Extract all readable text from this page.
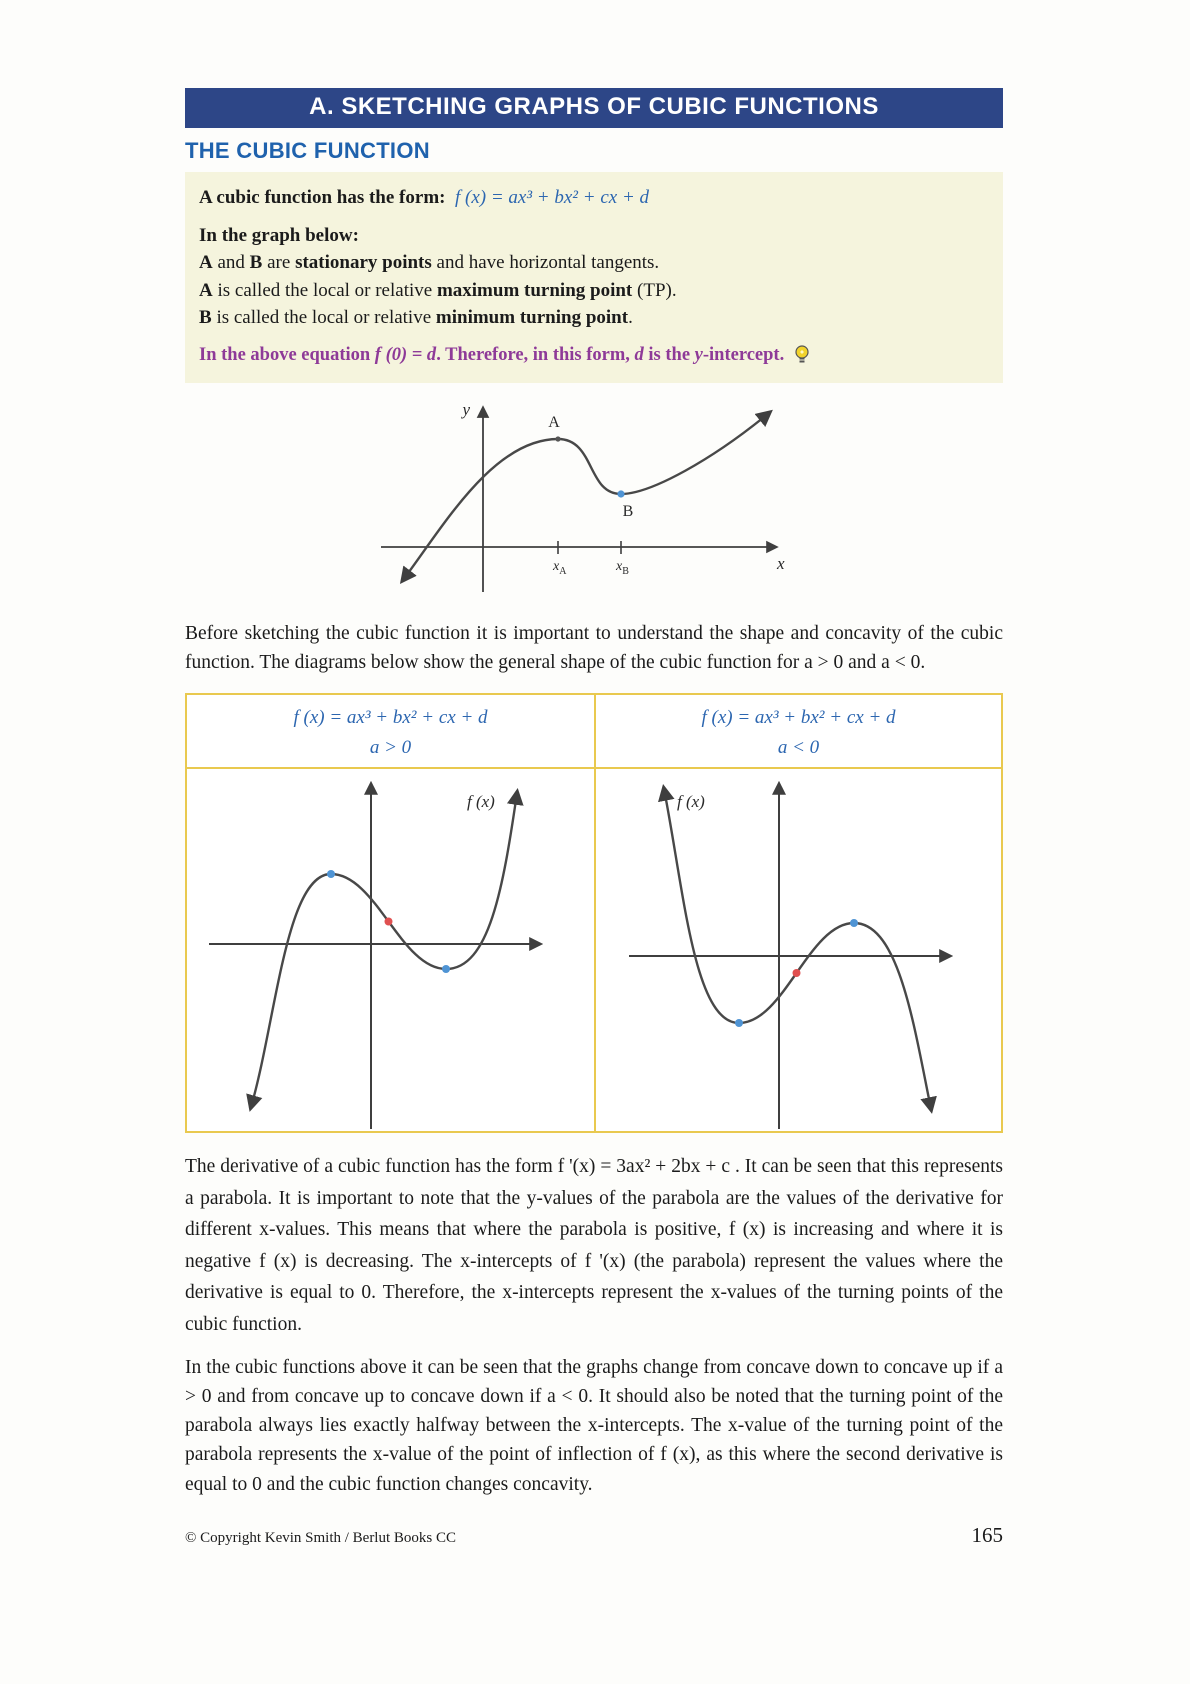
A. SKETCHING GRAPHS OF CUBIC FUNCTIONS
THE CUBIC FUNCTION

A cubic function has the form: f (x) = ax³ + bx² + cx + d

In the graph below:

A and B are stationary points and have horizontal tangents.

A is called the local or relative maximum turning point (TP).

B is called the local or relative minimum turning point.

In the above equation f (0) = d. Therefore, in this form, d is the y-intercept.

y
x
A
B
$x_A$	$x_B$

Before sketching the cubic function it is important to understand the shape and concavity of the cubic function. The diagrams below show the general shape of the cubic function for a > 0 and a < 0.

f (x) = ax³ + bx² + cx + d
a > 0
f (x)
f (x) = ax³ + bx² + cx + d
a < 0
f (x)

The derivative of a cubic function has the form f '(x) = 3ax² + 2bx + c . It can be seen that this represents a parabola. It is important to note that the y-values of the parabola are the values of the derivative for different x-values. This means that where the parabola is positive, f (x) is increasing and where it is negative f (x) is decreasing. The x-intercepts of f '(x) (the parabola) represent the values where the derivative is equal to 0. Therefore, the x-intercepts represent the x-values of the turning points of the cubic function.

In the cubic functions above it can be seen that the graphs change from concave down to concave up if a > 0 and from concave up to concave down if a < 0. It should also be noted that the turning point of the parabola always lies exactly halfway between the x-intercepts. The x-value of the turning point of the parabola represents the x-value of the point of inflection of f (x), as this where the second derivative is equal to 0 and the cubic function changes concavity.

© Copyright Kevin Smith / Berlut Books CC	165
